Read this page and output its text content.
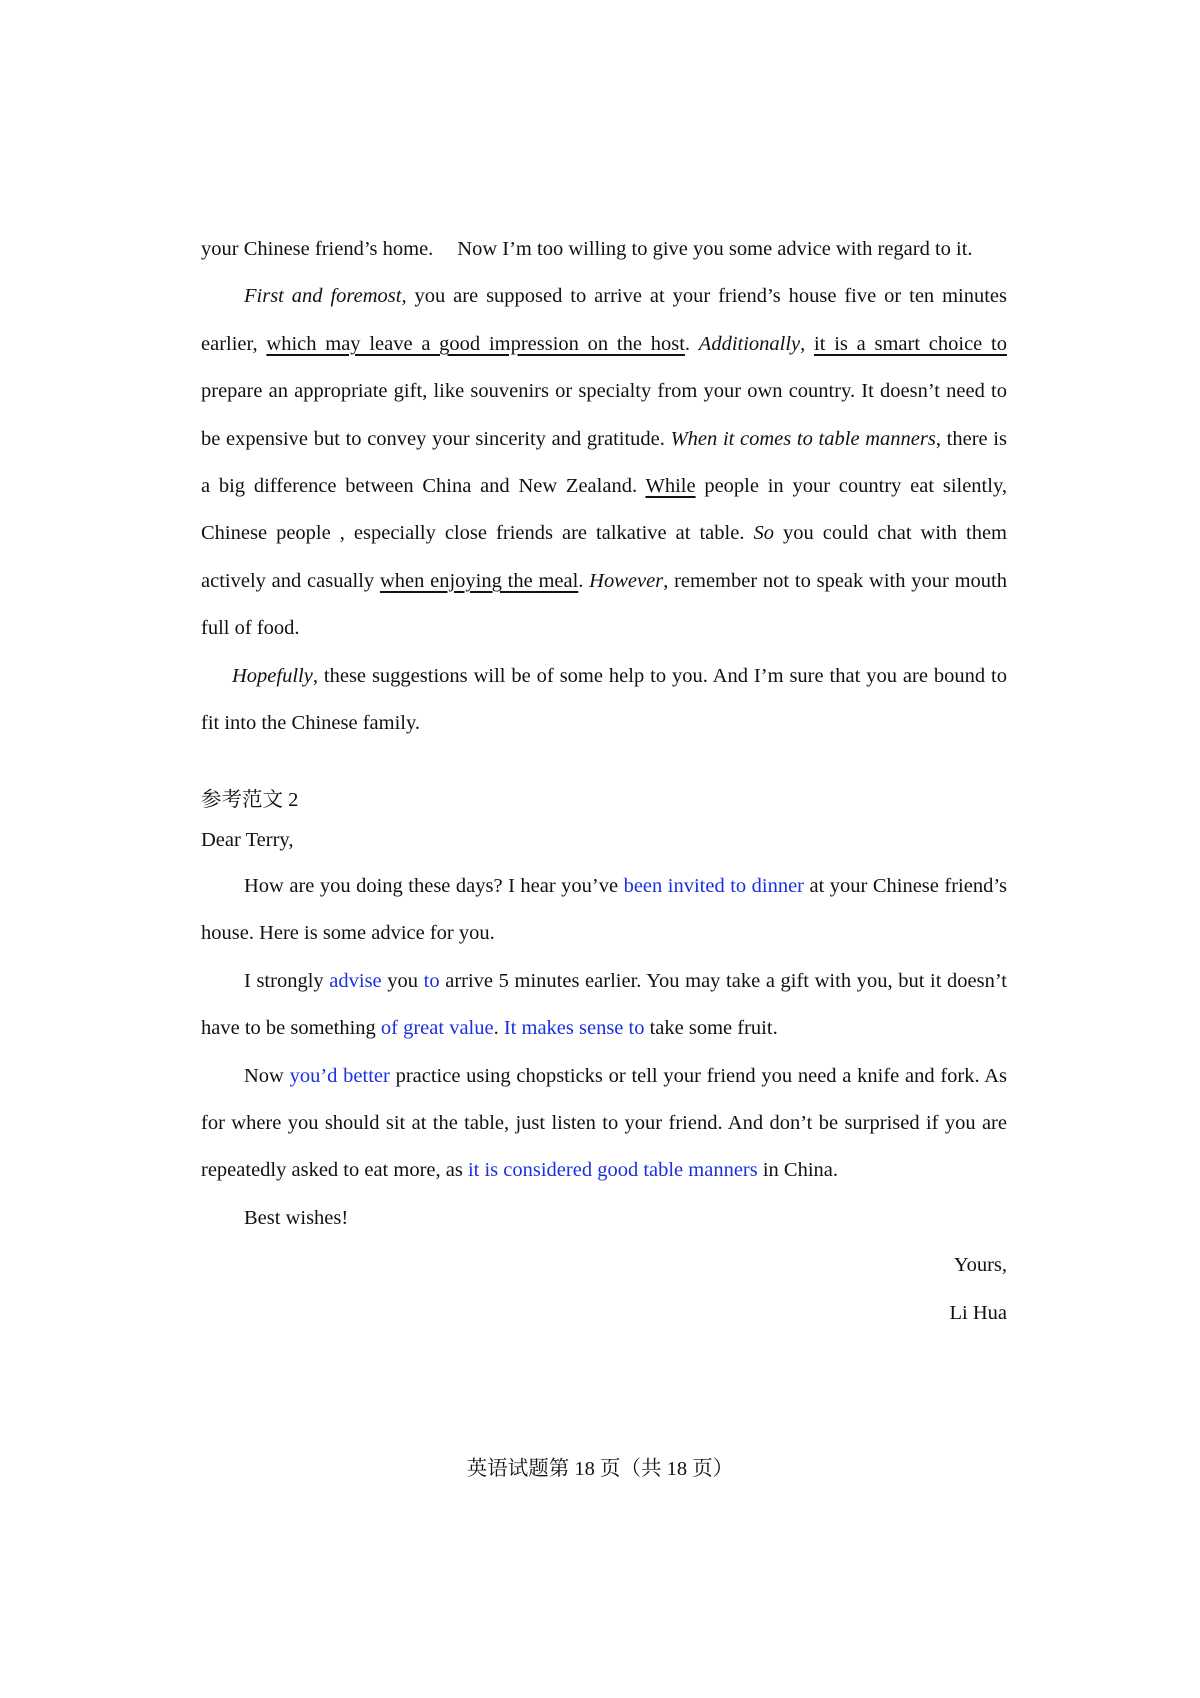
your Chinese friend’s home. Now I’m too willing to give you some advice with regard to it.

First and foremost, you are supposed to arrive at your friend’s house five or ten minutes earlier, which may leave a good impression on the host. Additionally, it is a smart choice to prepare an appropriate gift, like souvenirs or specialty from your own country. It doesn’t need to be expensive but to convey your sincerity and gratitude. When it comes to table manners, there is a big difference between China and New Zealand. While people in your country eat silently, Chinese people , especially close friends are talkative at table. So you could chat with them actively and casually when enjoying the meal. However, remember not to speak with your mouth full of food.

Hopefully, these suggestions will be of some help to you. And I’m sure that you are bound to fit into the Chinese family.

参考范文 2

Dear Terry,

How are you doing these days? I hear you’ve been invited to dinner at your Chinese friend’s house. Here is some advice for you.

I strongly advise you to arrive 5 minutes earlier. You may take a gift with you, but it doesn’t have to be something of great value. It makes sense to take some fruit.

Now you’d better practice using chopsticks or tell your friend you need a knife and fork. As for where you should sit at the table, just listen to your friend. And don’t be surprised if you are repeatedly asked to eat more, as it is considered good table manners in China.

Best wishes!

Yours,

Li Hua

英语试题第 18 页（共 18 页）
